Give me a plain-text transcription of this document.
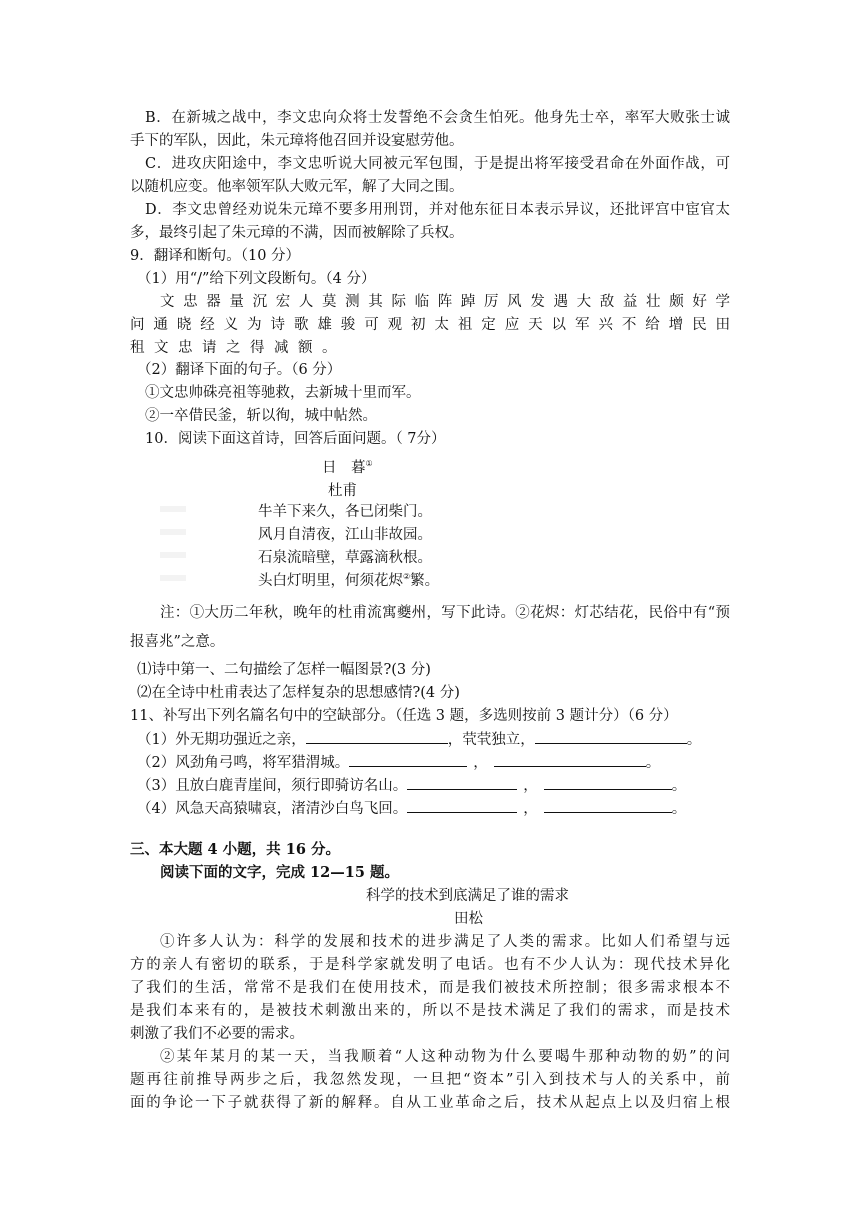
B．在新城之战中，李文忠向众将士发誓绝不会贪生怕死。他身先士卒，率军大败张士诚
手下的军队，因此，朱元璋将他召回并设宴慰劳他。
C．进攻庆阳途中，李文忠听说大同被元军包围，于是提出将军接受君命在外面作战，可
以随机应变。他率领军队大败元军，解了大同之围。
D．李文忠曾经劝说朱元璋不要多用刑罚，并对他东征日本表示异议，还批评宫中宦官太
多，最终引起了朱元璋的不满，因而被解除了兵权。
9．翻译和断句。（10 分）
（1）用“/”给下列文段断句。（4 分）
文忠器量沉宏人莫测其际临阵踔厉风发遇大敌益壮颇好学
问通晓经义为诗歌雄骏可观初太祖定应天以军兴不给增民田
租文忠请之得减额。
（2）翻译下面的句子。（6 分）
①文忠帅硃亮祖等驰救，去新城十里而军。
②一卒借民釜，斩以徇，城中帖然。
10．阅读下面这首诗，回答后面问题。（ 7分）
日　暮①
杜甫
牛羊下来久，各已闭柴门。
风月自清夜，江山非故园。
石泉流暗壁，草露滴秋根。
头白灯明里，何须花烬②繁。
注：①大历二年秋，晚年的杜甫流寓夔州，写下此诗。②花烬：灯芯结花，民俗中有“预
报喜兆”之意。
⑴诗中第一、二句描绘了怎样一幅图景?(3 分)
⑵在全诗中杜甫表达了怎样复杂的思想感情?(4 分)
11、补写出下列名篇名句中的空缺部分。（任选 3 题，多选则按前 3 题计分）（6 分）
（1）外无期功强近之亲，	，茕茕独立，	。
（2）风劲角弓鸣，将军猎渭城。	，	。
（3）且放白鹿青崖间，须行即骑访名山。	，	。
（4）风急天高猿啸哀，渚清沙白鸟飞回。	，	。
三、本大题 4 小题，共 16 分。
阅读下面的文字，完成 12—15 题。
科学的技术到底满足了谁的需求
田松
①许多人认为：科学的发展和技术的进步满足了人类的需求。比如人们希望与远
方的亲人有密切的联系，于是科学家就发明了电话。也有不少人认为：现代技术异化
了我们的生活，常常不是我们在使用技术，而是我们被技术所控制；很多需求根本不
是我们本来有的，是被技术刺激出来的，所以不是技术满足了我们的需求，而是技术
刺激了我们不必要的需求。
②某年某月的某一天，当我顺着“人这种动物为什么要喝牛那种动物的奶”的问
题再往前推导两步之后，我忽然发现，一旦把“资本”引入到技术与人的关系中，前
面的争论一下子就获得了新的解释。自从工业革命之后，技术从起点上以及归宿上根
